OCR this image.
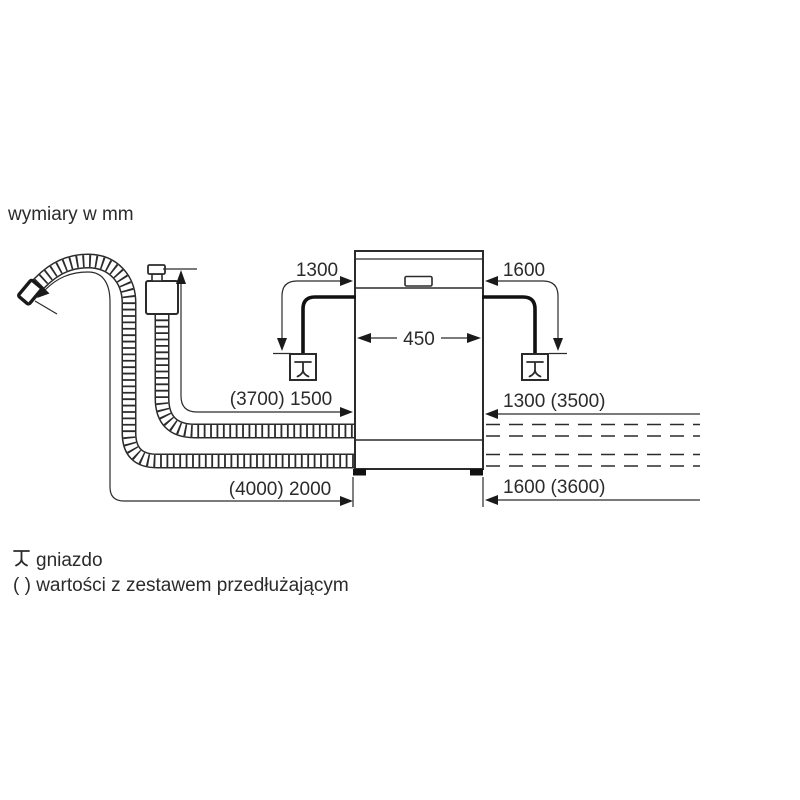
wymiary w mm
450
1300	1600
(3700) 1500
(4000) 2000
1300 (3500)
1600 (3600)
gniazdo
( ) wartości z zestawem przedłużającym
